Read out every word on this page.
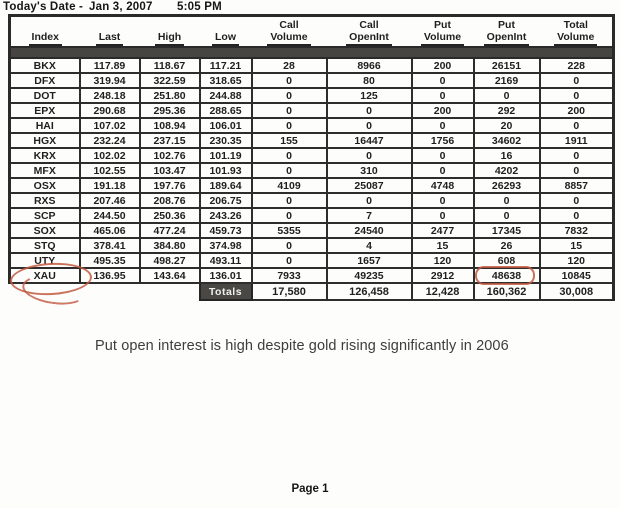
Today's Date - Jan 3, 2007	5:05 PM
				Call	Call	Put	Put	Total
Index	Last	High	Low	Volume	OpenInt	Volume	OpenInt	Volume

BKX	117.89	118.67	117.21	28	8966	200	26151	228
DFX	319.94	322.59	318.65	0	80	0	2169	0
DOT	248.18	251.80	244.88	0	125	0	0	0
EPX	290.68	295.36	288.65	0	0	200	292	200
HAI	107.02	108.94	106.01	0	0	0	20	0
HGX	232.24	237.15	230.35	155	16447	1756	34602	1911
KRX	102.02	102.76	101.19	0	0	0	16	0
MFX	102.55	103.47	101.93	0	310	0	4202	0
OSX	191.18	197.76	189.64	4109	25087	4748	26293	8857
RXS	207.46	208.76	206.75	0	0	0	0	0
SCP	244.50	250.36	243.26	0	7	0	0	0
SOX	465.06	477.24	459.73	5355	24540	2477	17345	7832
STQ	378.41	384.80	374.98	0	4	15	26	15
UTY	495.35	498.27	493.11	0	1657	120	608	120
XAU	136.95	143.64	136.01	7933	49235	2912	48638	10845
			Totals	17,580	126,458	12,428	160,362	30,008
Put open interest is high despite gold rising significantly in 2006
Page 1
